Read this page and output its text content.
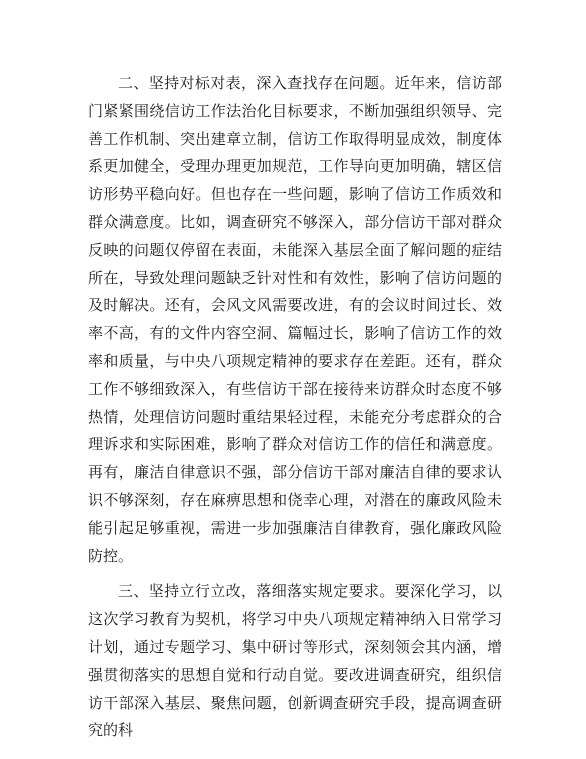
二、坚持对标对表，深入查找存在问题。近年来，信访部门紧紧围绕信访工作法治化目标要求，不断加强组织领导、完善工作机制、突出建章立制，信访工作取得明显成效，制度体系更加健全，受理办理更加规范，工作导向更加明确，辖区信访形势平稳向好。但也存在一些问题，影响了信访工作质效和群众满意度。比如，调查研究不够深入，部分信访干部对群众反映的问题仅停留在表面，未能深入基层全面了解问题的症结所在，导致处理问题缺乏针对性和有效性，影响了信访问题的及时解决。还有，会风文风需要改进，有的会议时间过长、效率不高，有的文件内容空洞、篇幅过长，影响了信访工作的效率和质量，与中央八项规定精神的要求存在差距。还有，群众工作不够细致深入，有些信访干部在接待来访群众时态度不够热情，处理信访问题时重结果轻过程，未能充分考虑群众的合理诉求和实际困难，影响了群众对信访工作的信任和满意度。再有，廉洁自律意识不强，部分信访干部对廉洁自律的要求认识不够深刻，存在麻痹思想和侥幸心理，对潜在的廉政风险未能引起足够重视，需进一步加强廉洁自律教育，强化廉政风险防控。

三、坚持立行立改，落细落实规定要求。要深化学习，以这次学习教育为契机，将学习中央八项规定精神纳入日常学习计划，通过专题学习、集中研讨等形式，深刻领会其内涵，增强贯彻落实的思想自觉和行动自觉。要改进调查研究，组织信访干部深入基层、聚焦问题，创新调查研究手段，提高调查研究的科
